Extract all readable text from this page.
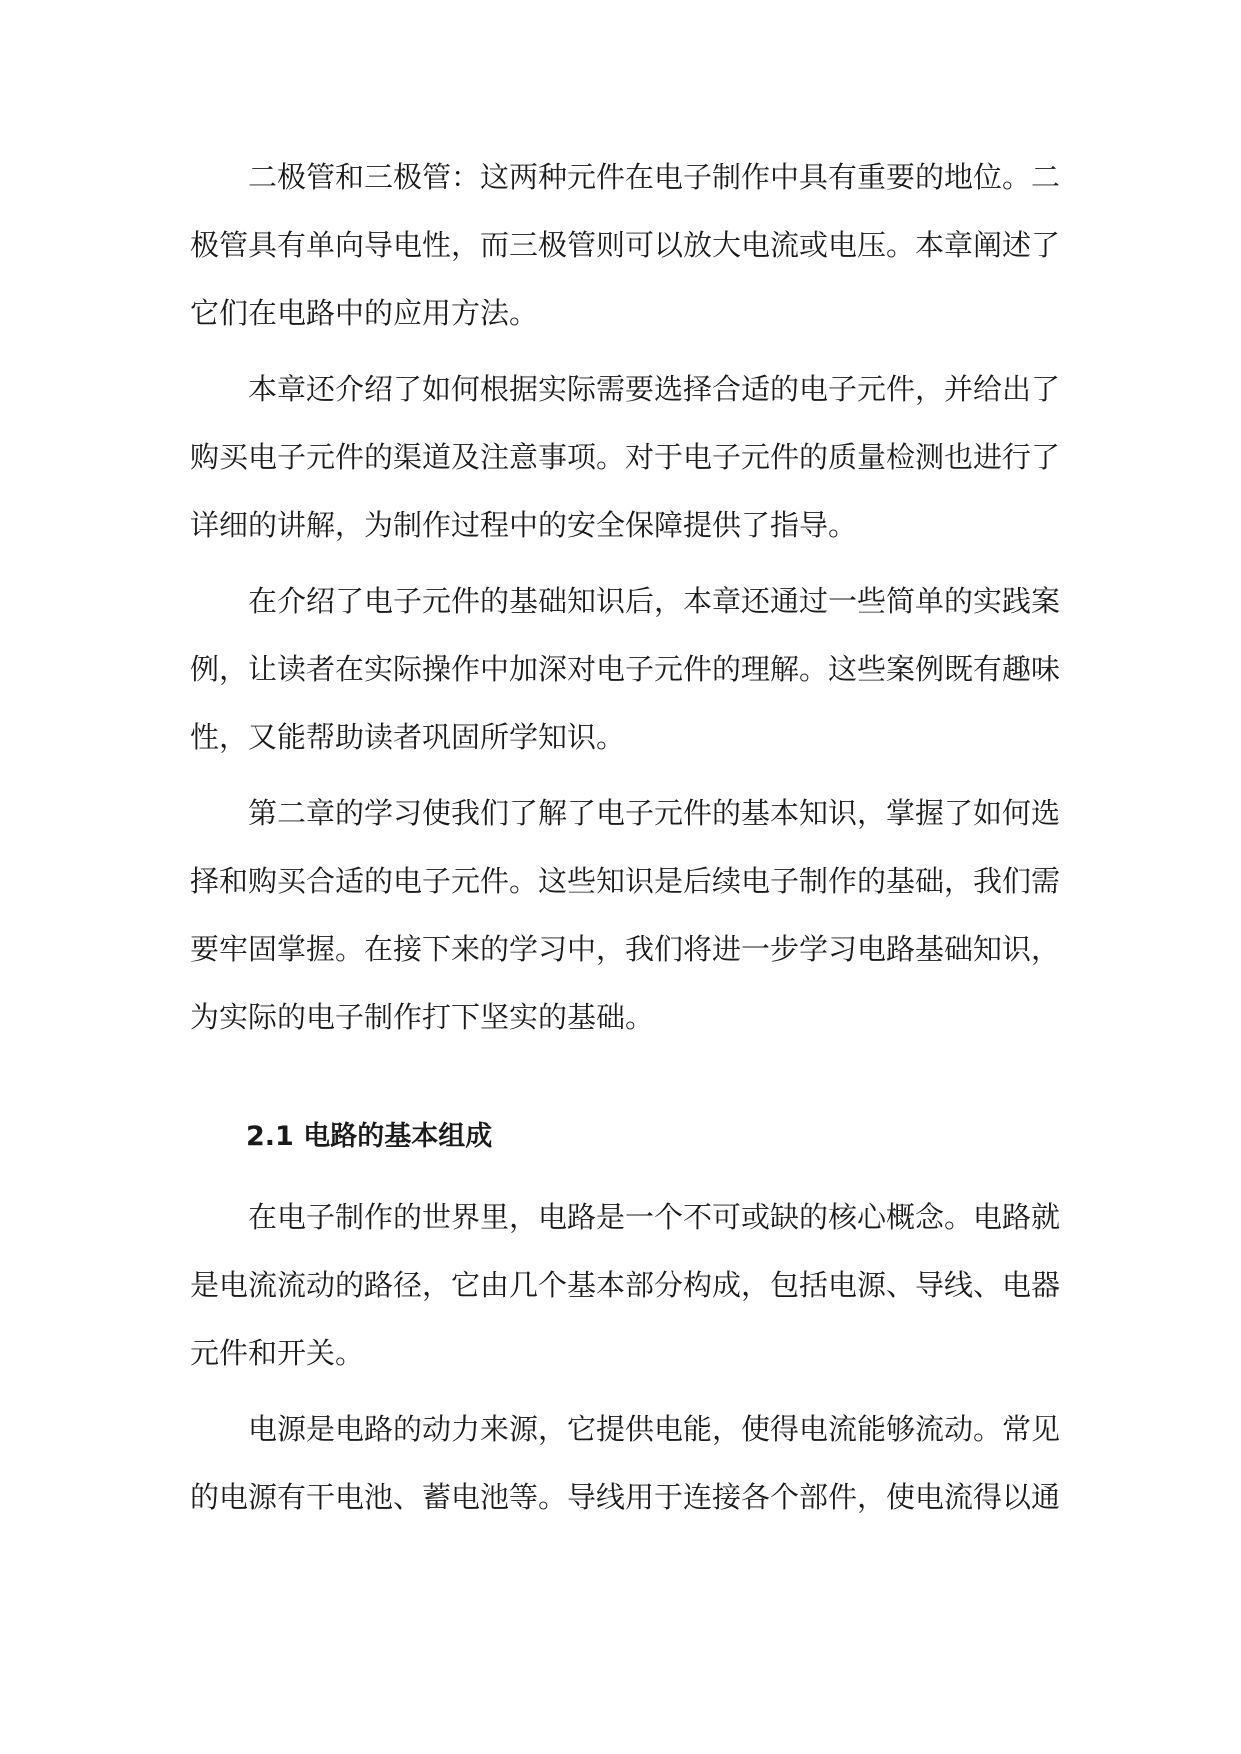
二极管和三极管：这两种元件在电子制作中具有重要的地位。二极管具有单向导电性，而三极管则可以放大电流或电压。本章阐述了它们在电路中的应用方法。

本章还介绍了如何根据实际需要选择合适的电子元件，并给出了购买电子元件的渠道及注意事项。对于电子元件的质量检测也进行了详细的讲解，为制作过程中的安全保障提供了指导。

在介绍了电子元件的基础知识后，本章还通过一些简单的实践案例，让读者在实际操作中加深对电子元件的理解。这些案例既有趣味性，又能帮助读者巩固所学知识。

第二章的学习使我们了解了电子元件的基本知识，掌握了如何选择和购买合适的电子元件。这些知识是后续电子制作的基础，我们需要牢固掌握。在接下来的学习中，我们将进一步学习电路基础知识，为实际的电子制作打下坚实的基础。

2.1 电路的基本组成

在电子制作的世界里，电路是一个不可或缺的核心概念。电路就是电流流动的路径，它由几个基本部分构成，包括电源、导线、电器元件和开关。

电源是电路的动力来源，它提供电能，使得电流能够流动。常见的电源有干电池、蓄电池等。导线用于连接各个部件，使电流得以通
